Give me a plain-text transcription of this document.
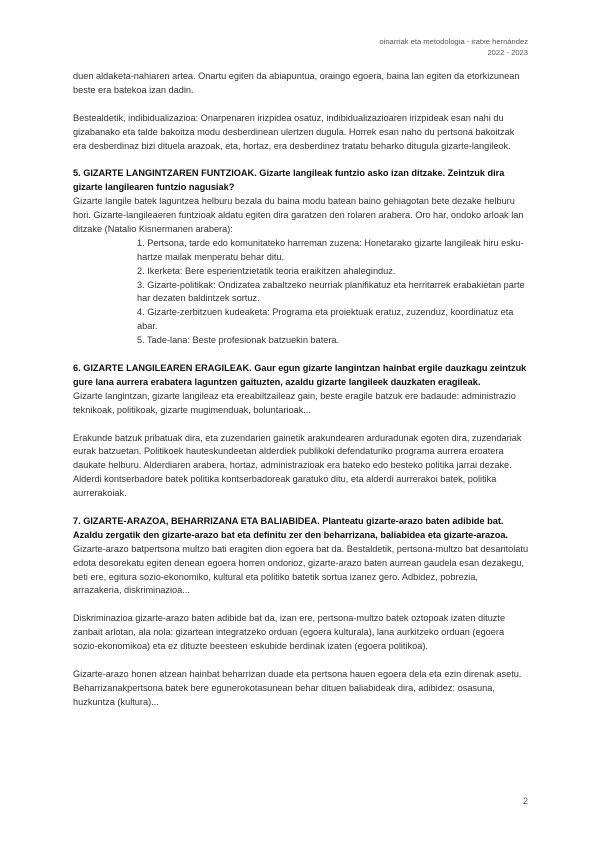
oinarriak eta metodologia - iratxe hernández
2022 - 2023

duen aldaketa-nahiaren artea. Onartu egiten da abiapuntua, oraingo egoera, baina lan egiten da etorkizunean beste era batekoa izan dadin.

Bestealdetik, indibidualizazioa: Onarpenaren irizpidea osatuz, indibidualizazioaren irizpideak esan nahi du gizabanako eta talde bakoitza modu desberdinean ulertzen dugula. Horrek esan naho du pertsona bakoitzak era desberdinaz bizi dituela arazoak, eta, hortaz, era desberdinez tratatu beharko ditugula gizarte-langileok.

5. GIZARTE LANGINTZAREN FUNTZIOAK. Gizarte langileak funtzio asko izan ditzake. Zeintzuk dira gizarte langilearen funtzio nagusiak?

Gizarte langile batek laguntzea helburu bezala du baina modu batean baino gehiagotan bete dezake helburu hori. Gizarte-langileaeren funtzioak aldatu egiten dira garatzen den rolaren arabera. Oro har, ondoko arloak lan ditzake (Natalio Kisnermanen arabera):

1. Pertsona, tarde edo komunitateko harreman zuzena: Honetarako gizarte langileak hiru esku-hartze mailak menperatu behar ditu.
2. Ikerketa: Bere esperientzietatik teoria eraikitzen ahaleginduz.
3. Gizarte-politikak: Ondizatea zabaltzeko neurriak planifikatuz eta herritarrek erabakietan parte har dezaten baldintzek sortuz.
4. Gizarte-zerbitzuen kudeaketa: Programa eta proiektuak eratuz, zuzenduz, koordinatuz eta abar.
5. Tade-lana: Beste profesionak batzuekin batera.

6. GIZARTE LANGILEAREN ERAGILEAK. Gaur egun gizarte langintzan hainbat ergile dauzkagu zeintzuk gure lana aurrera erabatera laguntzen gaituzten, azaldu gizarte langileek dauzkaten eragileak.

Gizarte langintzan, gizarte langileaz eta ereabiltzaileaz gain, beste eragile batzuk ere badaude: administrazio teknikoak, politikoak, gizarte mugimenduak, boluntarioak...

Erakunde batzuk pribatuak dira, eta zuzendarien gainetik arakundearen arduradunak egoten dira, zuzendariak eurak batzuetan. Politikoek hauteskundeetan alderdiek publikoki defendaturiko programa aurrera eroatera daukate helburu. Alderdiaren arabera, hortaz, administrazioak era bateko edo besteko politika jarrai dezake. Alderdi kontserbadore batek politika kontserbadoreak garatuko ditu, eta alderdi aurrerakoi batek, politika aurrerakoiak.

7. GIZARTE-ARAZOA, BEHARRIZANA ETA BALIABIDEA. Planteatu gizarte-arazo baten adibide bat. Azaldu zergatik den gizarte-arazo bat eta definitu zer den beharrizana, baliabidea eta gizarte-arazoa.

Gizarte-arazo batpertsona multzo bati eragiten dion egoera bat da. Bestaldetik, pertsona-multzo bat desantolatu edota desorekatu egiten denean egoera horren ondorioz, gizarte-arazo baten aurrean gaudela esan dezakegu, beti ere, egitura sozio-ekonomiko, kultural eta politiko batetik sortua izanez gero. Adbidez, pobrezia, arrazakeria, diskriminazioa...

Diskriminazioa gizarte-arazo baten adibide bat da, izan ere, pertsona-multzo batek oztopoak izaten dituzte zanbait arlotan, ala nola: gizartean integratzeko orduan (egoera kulturala), lana aurkitzeko orduan (egoera sozio-ekonomikoa) eta ez dituzte beesteen eskubide berdinak izaten (egoera politikoa).

Gizarte-arazo honen atzean hainbat beharrizan duade eta pertsona hauen egoera dela eta ezin direnak asetu. Beharrizanakpertsona batek bere egunerokotasunean behar dituen baliabideak dira, adibidez: osasuna, huzkuntza (kultura)...

2
